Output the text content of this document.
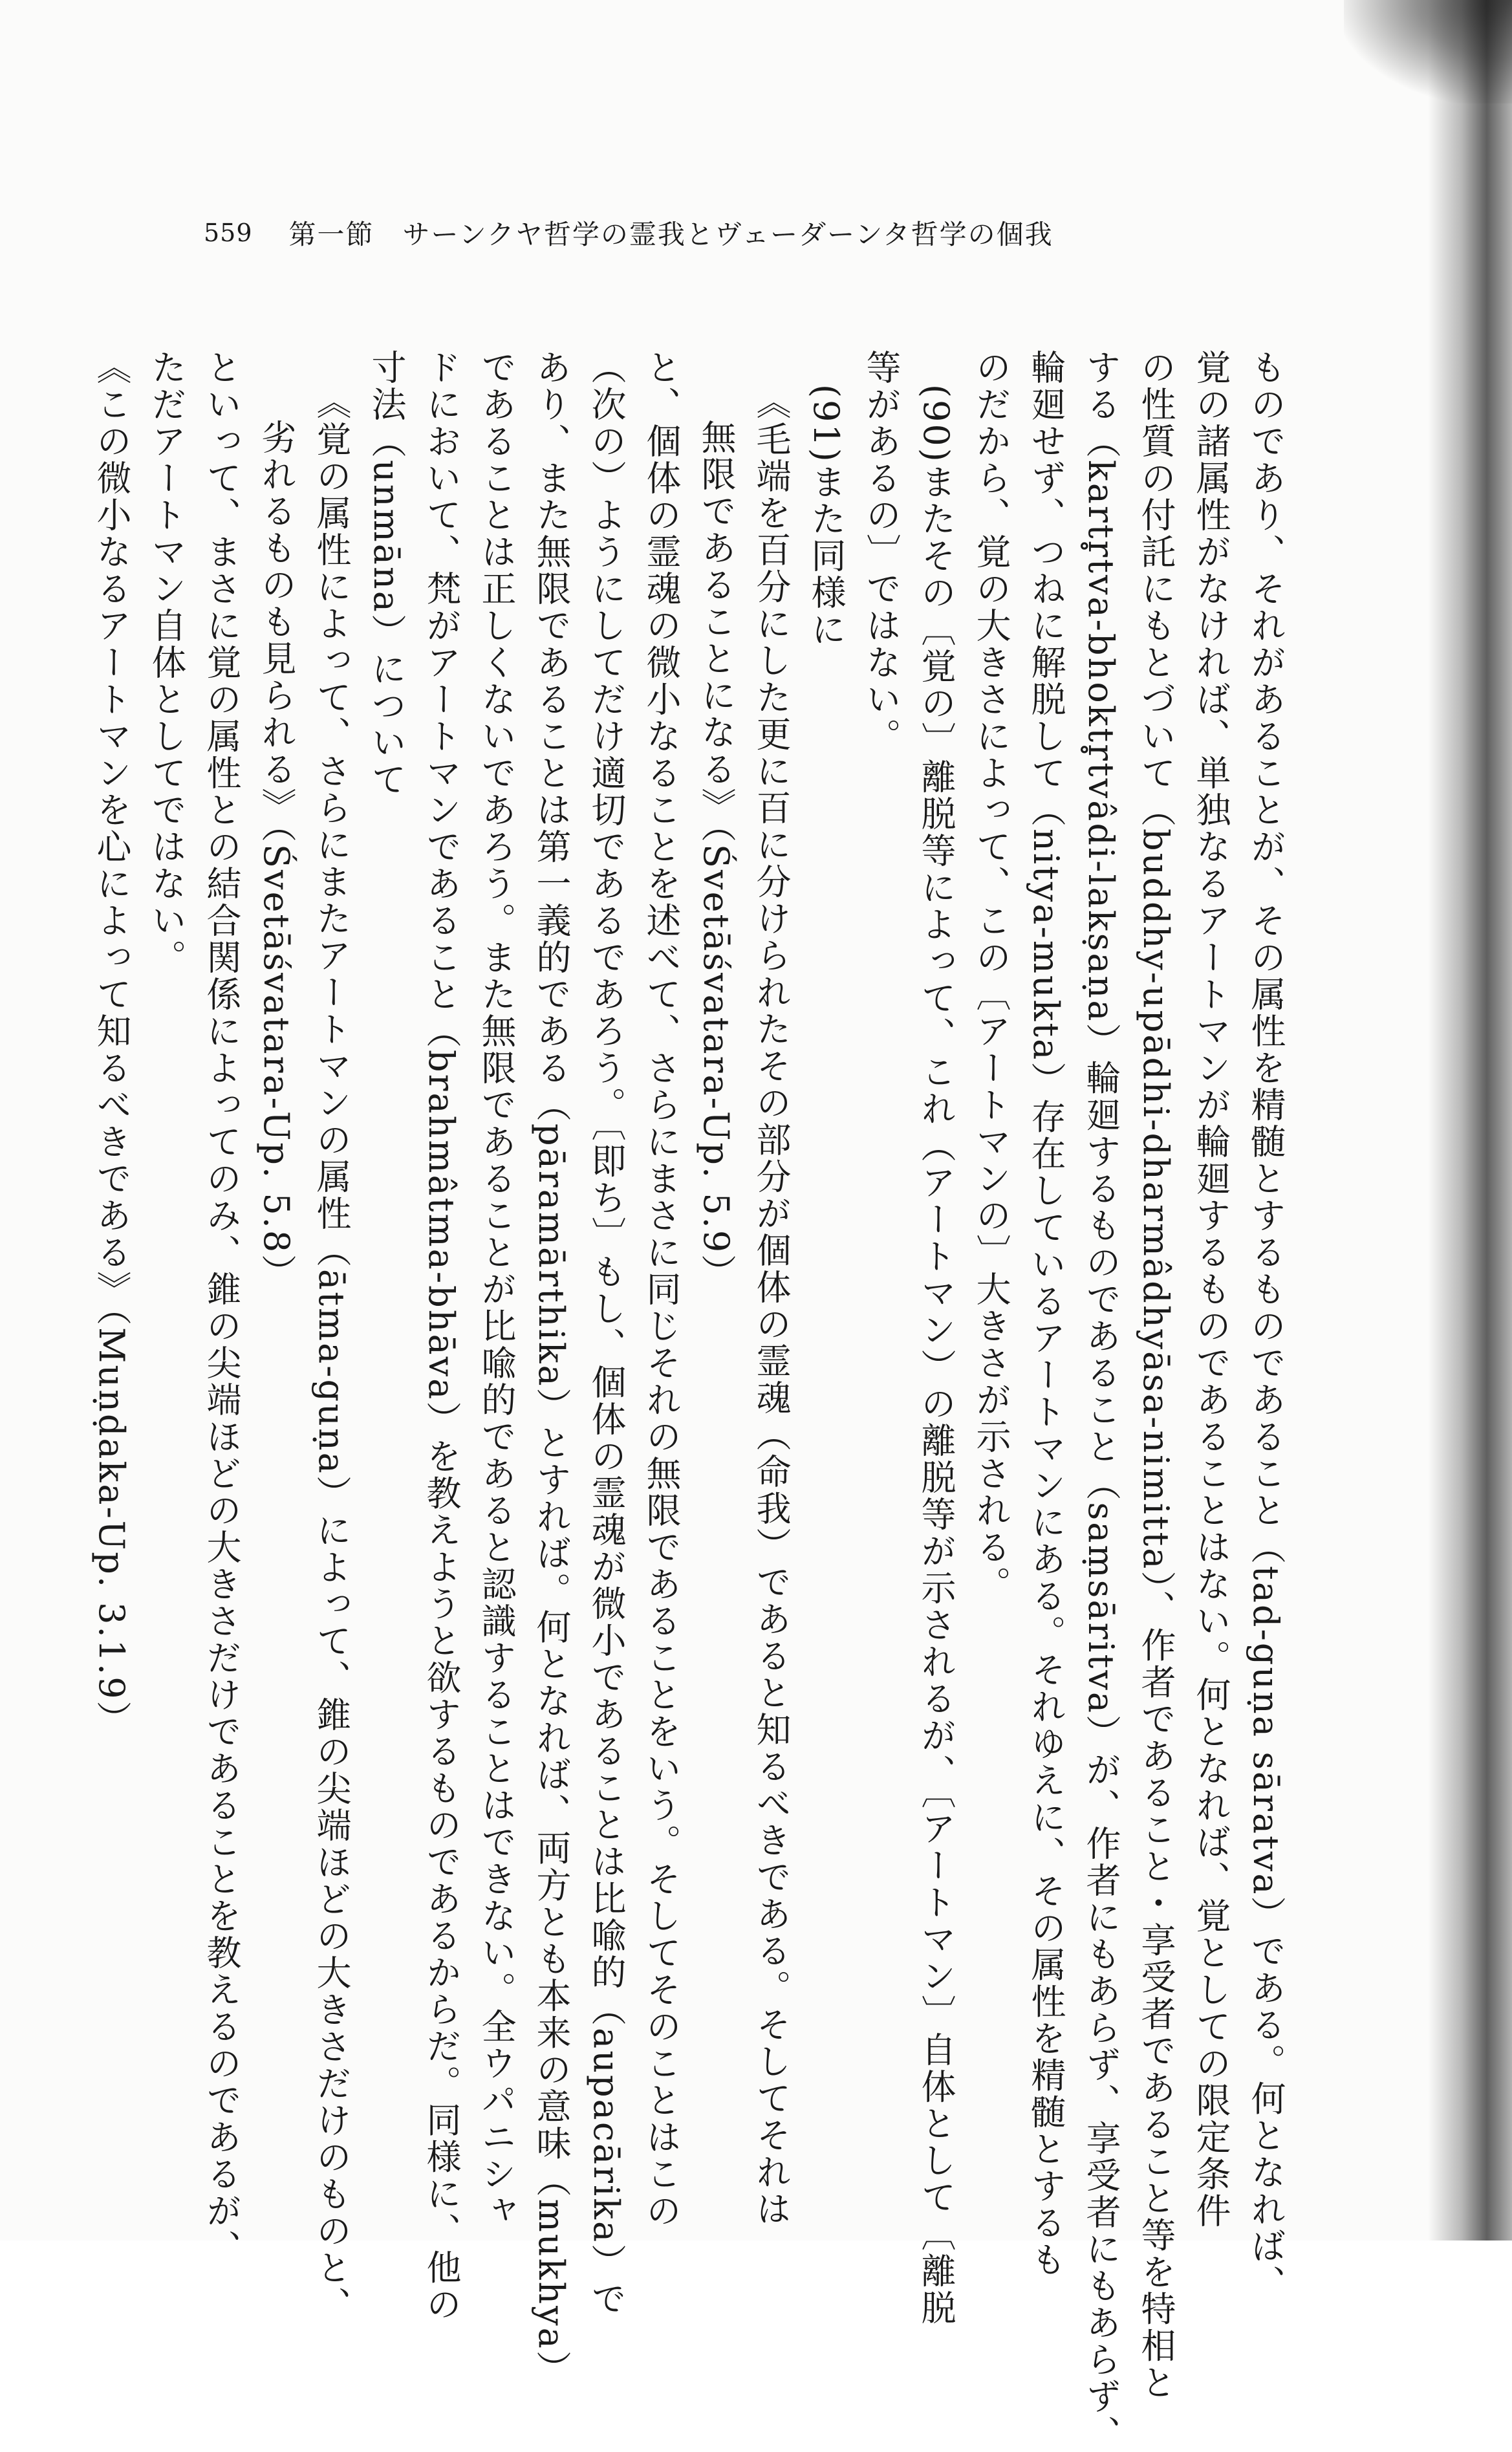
559 第一節　サーンクヤ哲学の霊我とヴェーダーンタ哲学の個我
ものであり、それがあることが、その属性を精髄とするものであること（tad-guṇa sāratva）である。何となれば、
覚の諸属性がなければ、単独なるアートマンが輪廻するものであることはない。何となれば、覚としての限定条件
の性質の付託にもとづいて（buddhy-upādhi-dharmâdhyāsa-nimitta）、作者であること・享受者であること等を特相と
する（kartr̥tva-bhoktr̥tvâdi-lakṣaṇa）輪廻するものであること（saṃsāritva）が、作者にもあらず、享受者にもあらず、
輪廻せず、つねに解脱して（nitya-mukta）存在しているアートマンにある。それゆえに、その属性を精髄とするも
のだから、覚の大きさによって、この〔アートマンの〕大きさが示される。
(90)またその〔覚の〕離脱等によって、これ（アートマン）の離脱等が示されるが、〔アートマン〕自体として〔離脱
等があるの〕ではない。
(91)また同様に
《毛端を百分にした更に百に分けられたその部分が個体の霊魂（命我）であると知るべきである。そしてそれは
無限であることになる》（Śvetāśvatara-Up. 5.9）
と、個体の霊魂の微小なることを述べて、さらにまさに同じそれの無限であることをいう。そしてそのことはこの
（次の）ようにしてだけ適切であるであろう。〔即ち〕もし、個体の霊魂が微小であることは比喩的（aupacārika）で
あり、また無限であることは第一義的である（pāramārthika）とすれば。何となれば、両方とも本来の意味（mukhya）
であることは正しくないであろう。また無限であることが比喩的であると認識することはできない。全ウパニシャ
ドにおいて、梵がアートマンであること（brahmâtma-bhāva）を教えようと欲するものであるからだ。同様に、他の
寸法（unmāna）について
《覚の属性によって、さらにまたアートマンの属性（ātma-guṇa）によって、錐の尖端ほどの大きさだけのものと、
劣れるものも見られる》（Śvetāśvatara-Up. 5.8）
といって、まさに覚の属性との結合関係によってのみ、錐の尖端ほどの大きさだけであることを教えるのであるが、
ただアートマン自体としてではない。
《この微小なるアートマンを心によって知るべきである》（Muṇḍaka-Up. 3.1.9）
